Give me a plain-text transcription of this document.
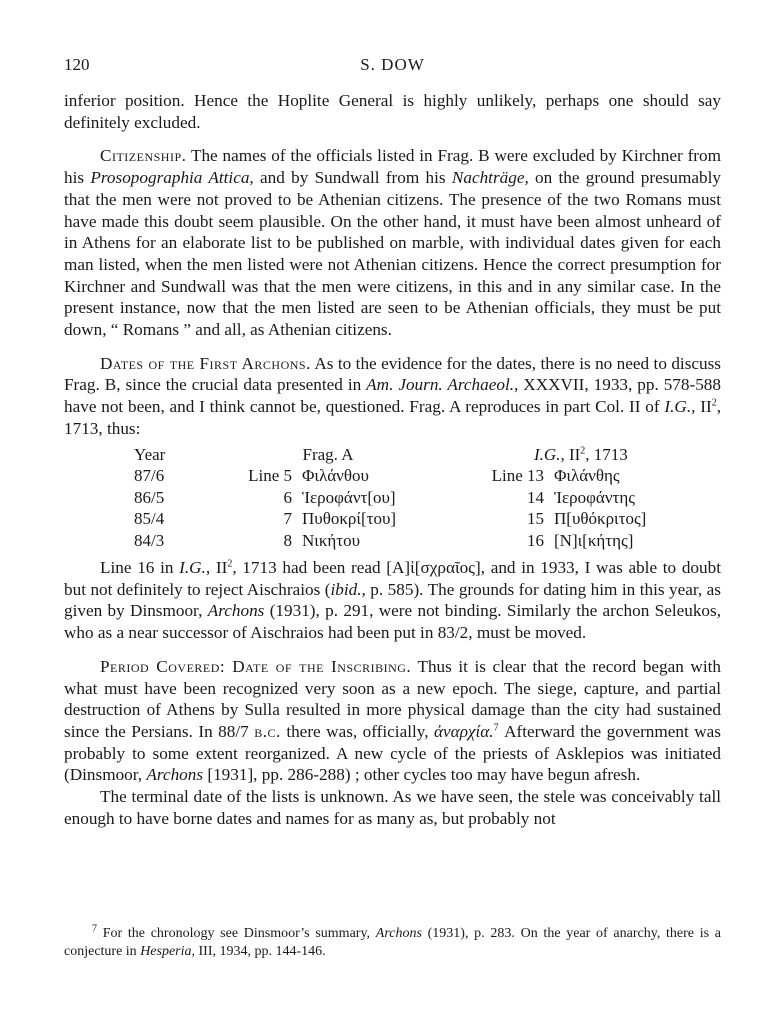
120	S. DOW

inferior position. Hence the Hoplite General is highly unlikely, perhaps one should say definitely excluded.

Citizenship. The names of the officials listed in Frag. B were excluded by Kirchner from his Prosopographia Attica, and by Sundwall from his Nachträge, on the ground presumably that the men were not proved to be Athenian citizens. The presence of the two Romans must have made this doubt seem plausible. On the other hand, it must have been almost unheard of in Athens for an elaborate list to be published on marble, with individual dates given for each man listed, when the men listed were not Athenian citizens. Hence the correct presumption for Kirchner and Sundwall was that the men were citizens, in this and in any similar case. In the present instance, now that the men listed are seen to be Athenian officials, they must be put down, “ Romans ” and all, as Athenian citizens.

Dates of the First Archons. As to the evidence for the dates, there is no need to discuss Frag. B, since the crucial data presented in Am. Journ. Archaeol., XXXVII, 1933, pp. 578-588 have not been, and I think cannot be, questioned. Frag. A reproduces in part Col. II of I.G., $II^2$, 1713, thus:

Year	Frag. A	I.G., $II^2$, 1713
87/6	Line 5 Φιλάνθου	Line 13 Φιλάνθης
86/5	6 Ἱεροφάντ[ου]	14 Ἱεροφάντης
85/4	7 Πυθοκρί[του]	15 Π[υθόκριτος]
84/3	8 Νικήτου	16 [Ν]ι[κήτης]

Line 16 in I.G., $II^2$, 1713 had been read [Α]ἰ[σχραῖος], and in 1933, I was able to doubt but not definitely to reject Aischraios (ibid., p. 585). The grounds for dating him in this year, as given by Dinsmoor, Archons (1931), p. 291, were not binding. Similarly the archon Seleukos, who as a near successor of Aischraios had been put in 83/2, must be moved.

Period Covered: Date of the Inscribing. Thus it is clear that the record began with what must have been recognized very soon as a new epoch. The siege, capture, and partial destruction of Athens by Sulla resulted in more physical damage than the city had sustained since the Persians. In 88/7 b.c. there was, officially, ἀναρχία.$^7$ Afterward the government was probably to some extent reorganized. A new cycle of the priests of Asklepios was initiated (Dinsmoor, Archons [1931], pp. 286-288) ; other cycles too may have begun afresh.

The terminal date of the lists is unknown. As we have seen, the stele was conceivably tall enough to have borne dates and names for as many as, but probably not

$^7$ For the chronology see Dinsmoor’s summary, Archons (1931), p. 283. On the year of anarchy, there is a conjecture in Hesperia, III, 1934, pp. 144-146.
